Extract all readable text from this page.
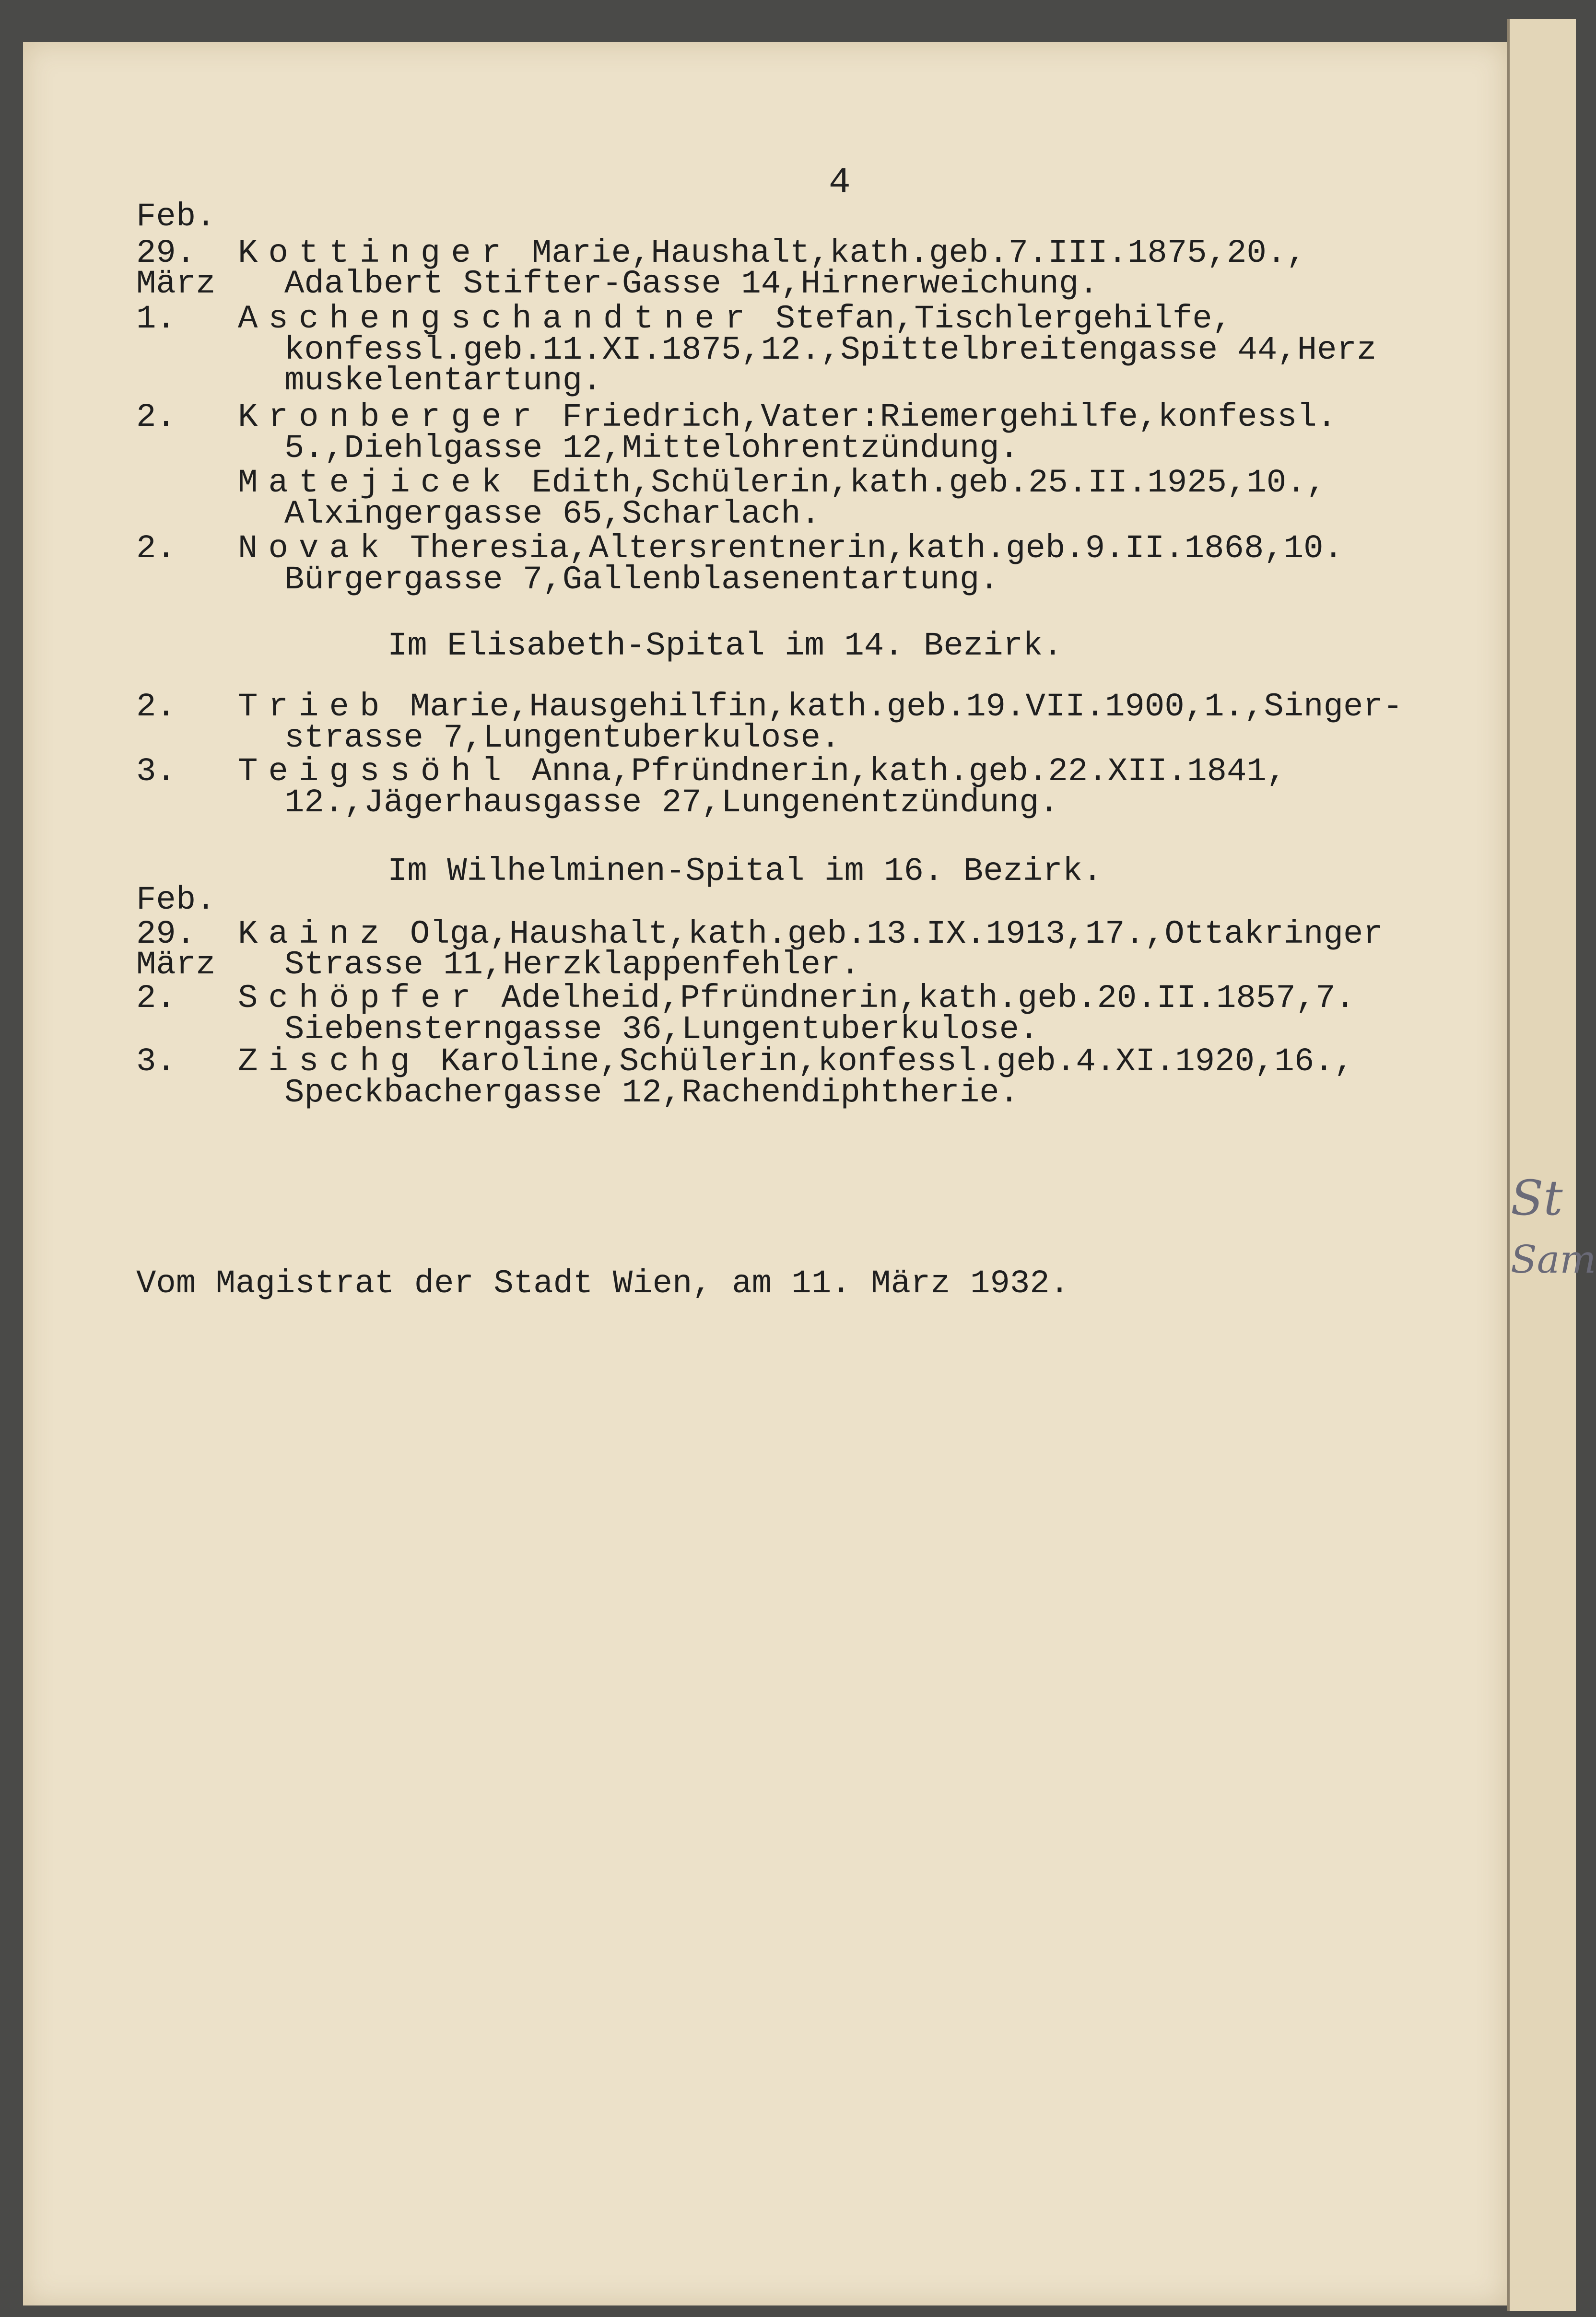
St
Sam
4
Feb.
29. Kottinger Marie,Haushalt,kath.geb.7.III.1875,20.,
März Adalbert Stifter-Gasse 14,Hirnerweichung.
1. Aschengschandtner Stefan,Tischlergehilfe,
konfessl.geb.11.XI.1875,12.,Spittelbreitengasse 44,Herz
muskelentartung.
2. Kronberger Friedrich,Vater:Riemergehilfe,konfessl.
5.,Diehlgasse 12,Mittelohrentzündung.
Matejicek Edith,Schülerin,kath.geb.25.II.1925,10.,
Alxingergasse 65,Scharlach.
2. Novak Theresia,Altersrentnerin,kath.geb.9.II.1868,10.
Bürgergasse 7,Gallenblasenentartung.
Im Elisabeth-Spital im 14. Bezirk.
2. Trieb Marie,Hausgehilfin,kath.geb.19.VII.1900,1.,Singer-
strasse 7,Lungentuberkulose.
3. Teigssöhl Anna,Pfründnerin,kath.geb.22.XII.1841,
12.,Jägerhausgasse 27,Lungenentzündung.
Im Wilhelminen-Spital im 16. Bezirk.
Feb.
29. Kainz Olga,Haushalt,kath.geb.13.IX.1913,17.,Ottakringer
März Strasse 11,Herzklappenfehler.
2. Schöpfer Adelheid,Pfründnerin,kath.geb.20.II.1857,7.
Siebensterngasse 36,Lungentuberkulose.
3. Zischg Karoline,Schülerin,konfessl.geb.4.XI.1920,16.,
Speckbachergasse 12,Rachendiphtherie.
Vom Magistrat der Stadt Wien, am 11. März 1932.
